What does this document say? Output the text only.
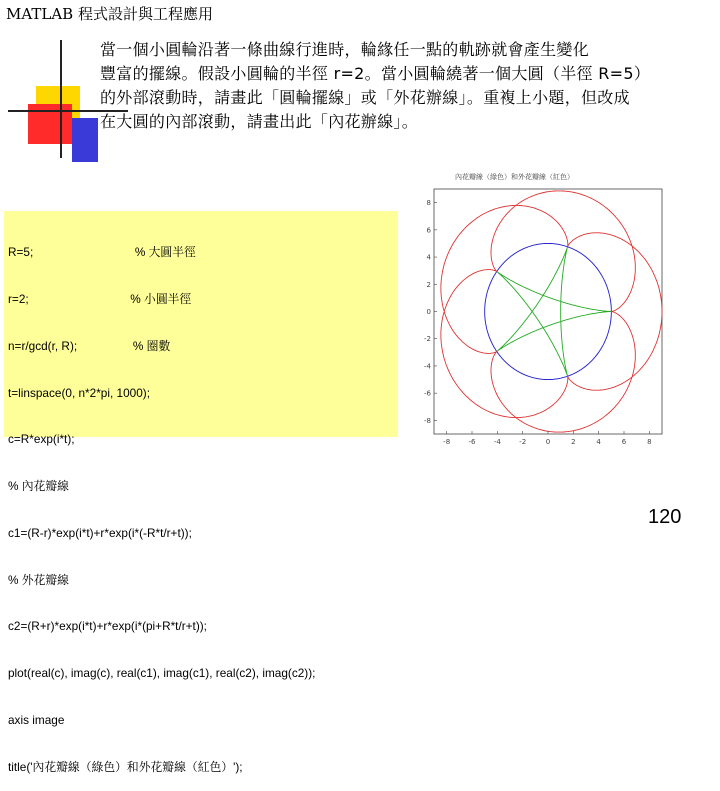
MATLAB 程式設計與工程應用
當一個小圓輪沿著一條曲線行進時，輪緣任一點的軌跡就會產生變化
豐富的擺線。假設小圓輪的半徑 r=2。當小圓輪繞著一個大圓（半徑 R=5）
的外部滾動時，請畫此「圓輪擺線」或「外花辦線」。重複上小題，但改成
在大圓的內部滾動，請畫出此「內花辦線」。

R=5;                               % 大圓半徑

r=2;                               % 小圓半徑

n=r/gcd(r, R);                 % 圈數

t=linspace(0, n*2*pi, 1000);

c=R*exp(i*t);

% 內花瓣線

c1=(R-r)*exp(i*t)+r*exp(i*(-R*t/r+t));

% 外花瓣線

c2=(R+r)*exp(i*t)+r*exp(i*(pi+R*t/r+t));

plot(real(c), imag(c), real(c1), imag(c1), real(c2), imag(c2));

axis image

title('內花瓣線（綠色）和外花瓣線（紅色）');

內花瓣線（綠色）和外花瓣線（紅色）
-8	-6	-4	-2	0	2	4	6	8
8
6
4
2
0
-2
-4
-6
-8
120
